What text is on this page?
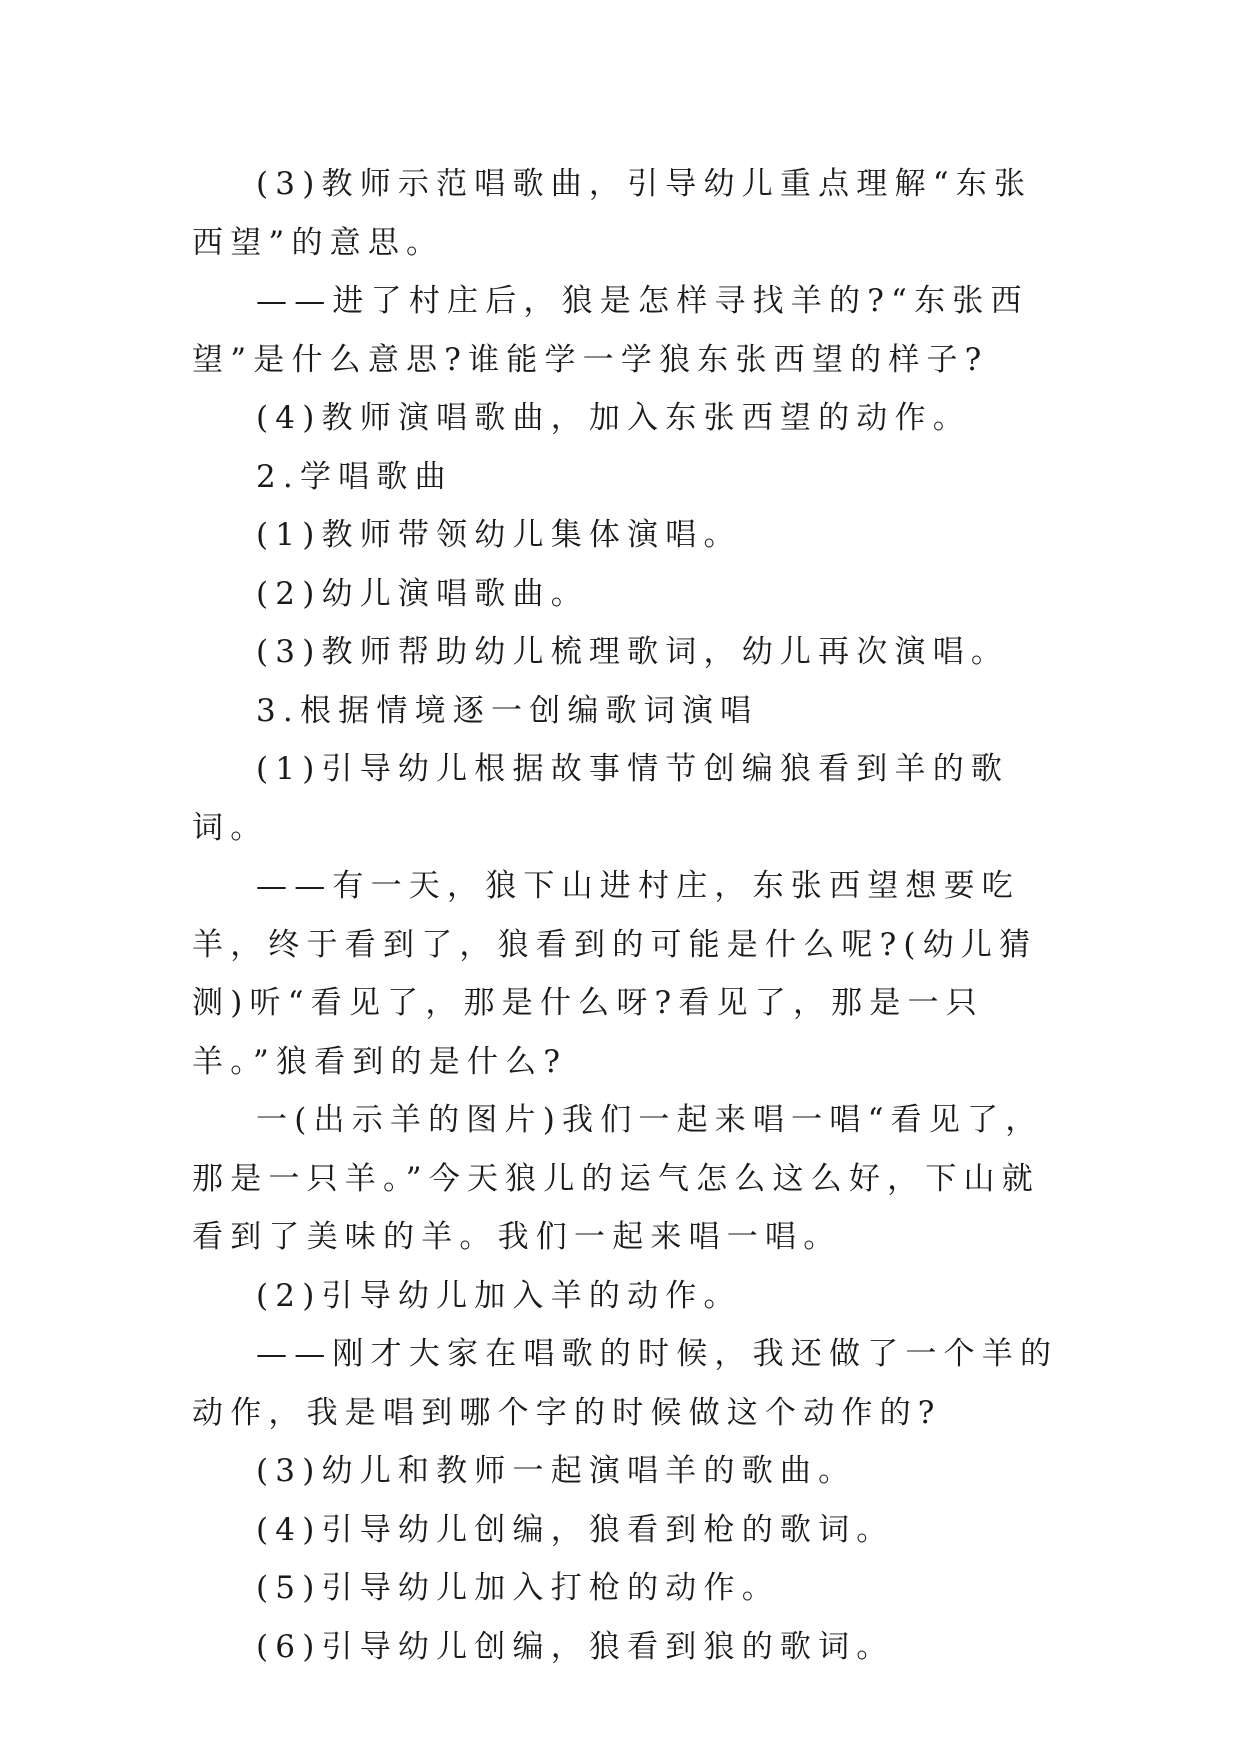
(3)教师示范唱歌曲，引导幼儿重点理解“东张西望”的意思。

——进了村庄后，狼是怎样寻找羊的?“东张西望”是什么意思?谁能学一学狼东张西望的样子?

(4)教师演唱歌曲，加入东张西望的动作。

2.学唱歌曲

(1)教师带领幼儿集体演唱。

(2)幼儿演唱歌曲。

(3)教师帮助幼儿梳理歌词，幼儿再次演唱。

3.根据情境逐一创编歌词演唱

(1)引导幼儿根据故事情节创编狼看到羊的歌词。

——有一天，狼下山进村庄，东张西望想要吃羊，终于看到了，狼看到的可能是什么呢?(幼儿猜测)听“看见了，那是什么呀?看见了，那是一只羊。”狼看到的是什么?

一(出示羊的图片)我们一起来唱一唱“看见了，那是一只羊。”今天狼儿的运气怎么这么好，下山就看到了美味的羊。我们一起来唱一唱。

(2)引导幼儿加入羊的动作。

——刚才大家在唱歌的时候，我还做了一个羊的动作，我是唱到哪个字的时候做这个动作的?

(3)幼儿和教师一起演唱羊的歌曲。

(4)引导幼儿创编，狼看到枪的歌词。

(5)引导幼儿加入打枪的动作。

(6)引导幼儿创编，狼看到狼的歌词。
